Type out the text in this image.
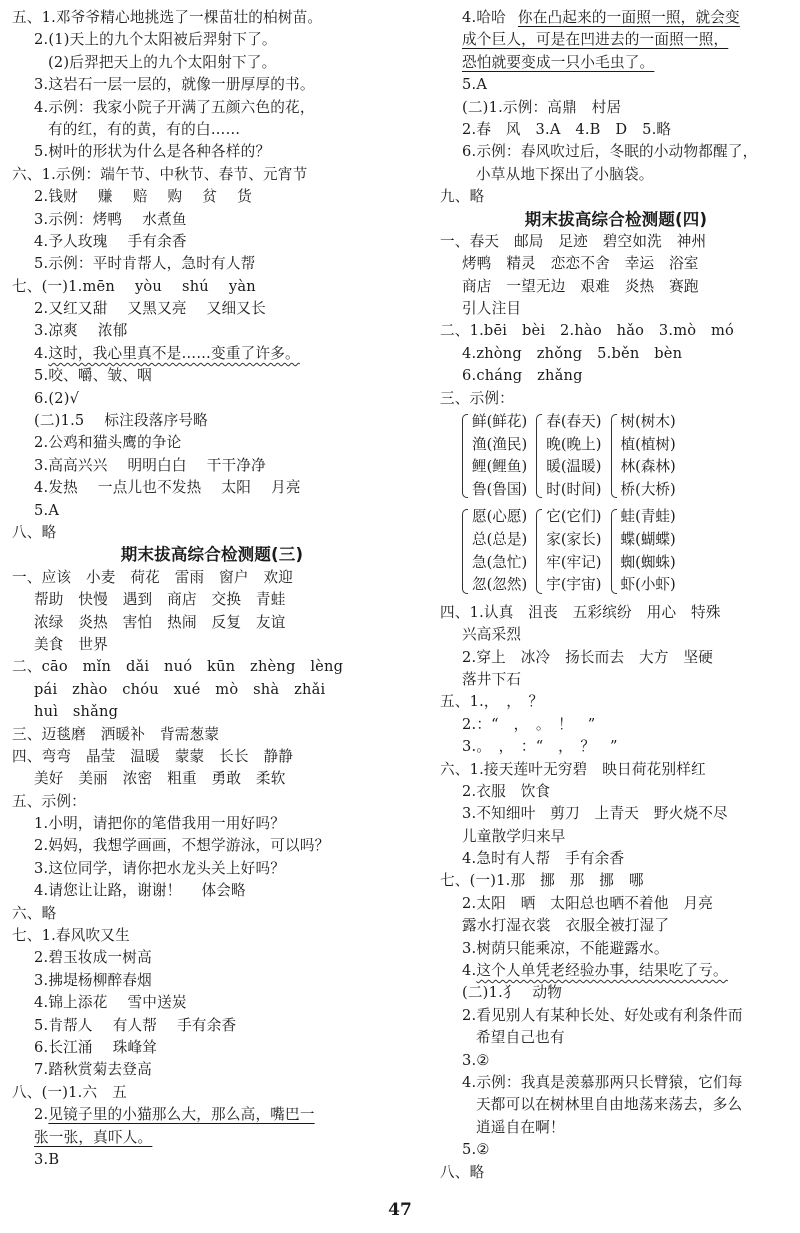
五、1.邓爷爷精心地挑选了一棵苗壮的柏树苗。
2.(1)天上的九个太阳被后羿射下了。
(2)后羿把天上的九个太阳射下了。
3.这岩石一层一层的，就像一册厚厚的书。
4.示例：我家小院子开满了五颜六色的花，
有的红，有的黄，有的白……
5.树叶的形状为什么是各种各样的？
六、1.示例：端午节、中秋节、春节、元宵节
2.钱财 赚 赔 购 贫 货
3.示例：烤鸭 水煮鱼
4.予人玫瑰 手有余香
5.示例：平时肯帮人，急时有人帮
七、(一)1.mēn yòu shú yàn
2.又红又甜 又黑又亮 又细又长
3.凉爽 浓郁
4.这时，我心里真不是……变重了许多。
5.咬、嚼、皱、咽
6.(2)√
(二)1.5 标注段落序号略
2.公鸡和猫头鹰的争论
3.高高兴兴 明明白白 干干净净
4.发热 一点儿也不发热 太阳 月亮
5.A
八、略
期末拔高综合检测题(三)
一、应该　小麦　荷花　雷雨　窗户　欢迎
帮助　快慢　遇到　商店　交换　青蛙
浓绿　炎热　害怕　热闹　反复　友谊
美食　世界
二、cāo　mǐn　dǎi　nuó　kūn　zhèng　lèng
pái　zhào　chóu　xué　mò　shà　zhǎi
huì　shǎng
三、迈毯磨　洒暖补　背需葱蒙
四、弯弯　晶莹　温暖　蒙蒙　长长　静静
美好　美丽　浓密　粗重　勇敢　柔软
五、示例：
1.小明，请把你的笔借我用一用好吗？
2.妈妈，我想学画画，不想学游泳，可以吗？
3.这位同学，请你把水龙头关上好吗？
4.请您让让路，谢谢！ 体会略
六、略
七、1.春风吹又生
2.碧玉妆成一树高
3.拂堤杨柳醉春烟
4.锦上添花 雪中送炭
5.肯帮人 有人帮 手有余香
6.长江涌 珠峰耸
7.踏秋赏菊去登高
八、(一)1.六　五
2.见镜子里的小猫那么大，那么高，嘴巴一
张一张，真吓人。
3.B
4.哈哈 你在凸起来的一面照一照，就会变
成个巨人，可是在凹进去的一面照一照，
恐怕就要变成一只小毛虫了。
5.A
(二)1.示例：高鼎　村居
2.春　风　3.A　4.B　D　5.略
6.示例：春风吹过后，冬眠的小动物都醒了，
小草从地下探出了小脑袋。
九、略
期末拔高综合检测题(四)
一、春天　邮局　足迹　碧空如洗　神州
烤鸭　精灵　恋恋不舍　幸运　浴室
商店　一望无边　艰难　炎热　赛跑
引人注目
二、1.bēi　bèi　2.hào　hǎo　3.mò　mó
4.zhòng　zhǒng　5.běn　bèn
6.cháng　zhǎng
三、示例：
鲜(鲜花)
渔(渔民)
鲤(鲤鱼)
鲁(鲁国)

春(春天)
晚(晚上)
暖(温暖)
时(时间)

树(树木)
植(植树)
林(森林)
桥(大桥)
愿(心愿)
总(总是)
急(急忙)
忽(忽然)

它(它们)
家(家长)
牢(牢记)
宇(宇宙)

蛙(青蛙)
蝶(蝴蝶)
蜘(蜘蛛)
虾(小虾)
四、1.认真　沮丧　五彩缤纷　用心　特殊
兴高采烈
2.穿上　冰冷　扬长而去　大方　坚硬
落井下石
五、1.，　，　？
2.：“　，　。　！　”
3.。　，　：“　，　？　”
六、1.接天莲叶无穷碧　映日荷花别样红
2.衣服　饮食
3.不知细叶　剪刀　上青天　野火烧不尽
儿童散学归来早
4.急时有人帮　手有余香
七、(一)1.那　挪　那　挪　哪
2.太阳　晒　太阳总也晒不着他　月亮
露水打湿衣裳　衣服全被打湿了
3.树荫只能乘凉，不能避露水。
4.这个人单凭老经验办事，结果吃了亏。
(二)1.犭　动物
2.看见别人有某种长处、好处或有利条件而
希望自己也有
3.②
4.示例：我真是羡慕那两只长臂猿，它们每
天都可以在树林里自由地荡来荡去，多么
逍遥自在啊！
5.②
八、略
47
